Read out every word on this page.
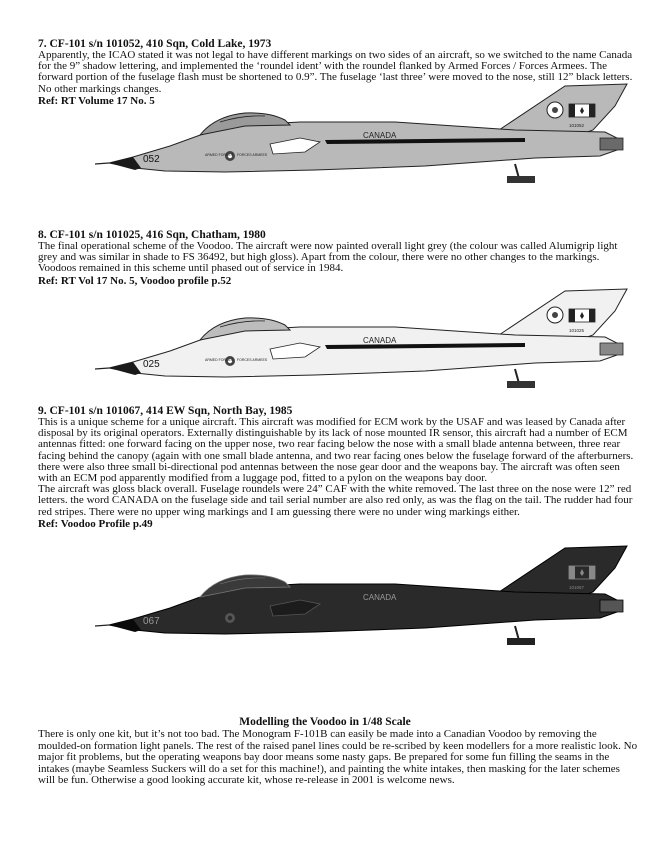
7. CF-101 s/n 101052, 410 Sqn, Cold Lake, 1973

Apparently, the ICAO stated it was not legal to have different markings on two sides of an aircraft, so we switched to the name Canada for the 9” shadow lettering, and implemented the ‘roundel ident’ with the roundel flanked by Armed Forces / Forces Armees. The forward portion of the fuselage flash must be shortened to 0.9”. The fuselage ‘last three’ were moved to the nose, still 12” black letters. No other markings changes.

Ref: RT Volume 17 No. 5

ARMED FORCES FORCES ARMEES
052
CANADA
101052

8. CF-101 s/n 101025, 416 Sqn, Chatham, 1980

The final operational scheme of the Voodoo. The aircraft were now painted overall light grey (the colour was called Alumigrip light grey and was similar in shade to FS 36492, but high gloss). Apart from the colour, there were no other changes to the markings. Voodoos remained in this scheme until phased out of service in 1984.

Ref: RT Vol 17 No. 5, Voodoo profile p.52

ARMED FORCES FORCES ARMEES
025
CANADA
101025

9. CF-101 s/n 101067, 414 EW Sqn, North Bay, 1985

This is a unique scheme for a unique aircraft. This aircraft was modified for ECM work by the USAF and was leased by Canada after disposal by its original operators. Externally distinguishable by its lack of nose mounted IR sensor, this aircraft had a number of ECM antennas fitted: one forward facing on the upper nose, two rear facing below the nose with a small blade antenna between, three rear facing behind the canopy (again with one small blade antenna, and two rear facing ones below the fuselage forward of the afterburners. there were also three small bi-directional pod antennas between the nose gear door and the weapons bay. The aircraft was often seen with an ECM pod apparently modified from a luggage pod, fitted to a pylon on the weapons bay door.
The aircraft was gloss black overall. Fuselage roundels were 24” CAF with the white removed. The last three on the nose were 12” red letters. the word CANADA on the fuselage side and tail serial number are also red only, as was the flag on the tail. The rudder had four red stripes. There were no upper wing markings and I am guessing there were no under wing markings either.

Ref: Voodoo Profile p.49

067
CANADA
101067

Modelling the Voodoo in 1/48 Scale

There is only one kit, but it’s not too bad. The Monogram F-101B can easily be made into a Canadian Voodoo by removing the moulded-on formation light panels. The rest of the raised panel lines could be re-scribed by keen modellers for a more realistic look. No major fit problems, but the operating weapons bay door means some nasty gaps. Be prepared for some fun filling the seams in the intakes (maybe Seamless Suckers will do a set for this machine!), and painting the white intakes, then masking for the later schemes will be fun. Otherwise a good looking accurate kit, whose re-release in 2001 is welcome news.
